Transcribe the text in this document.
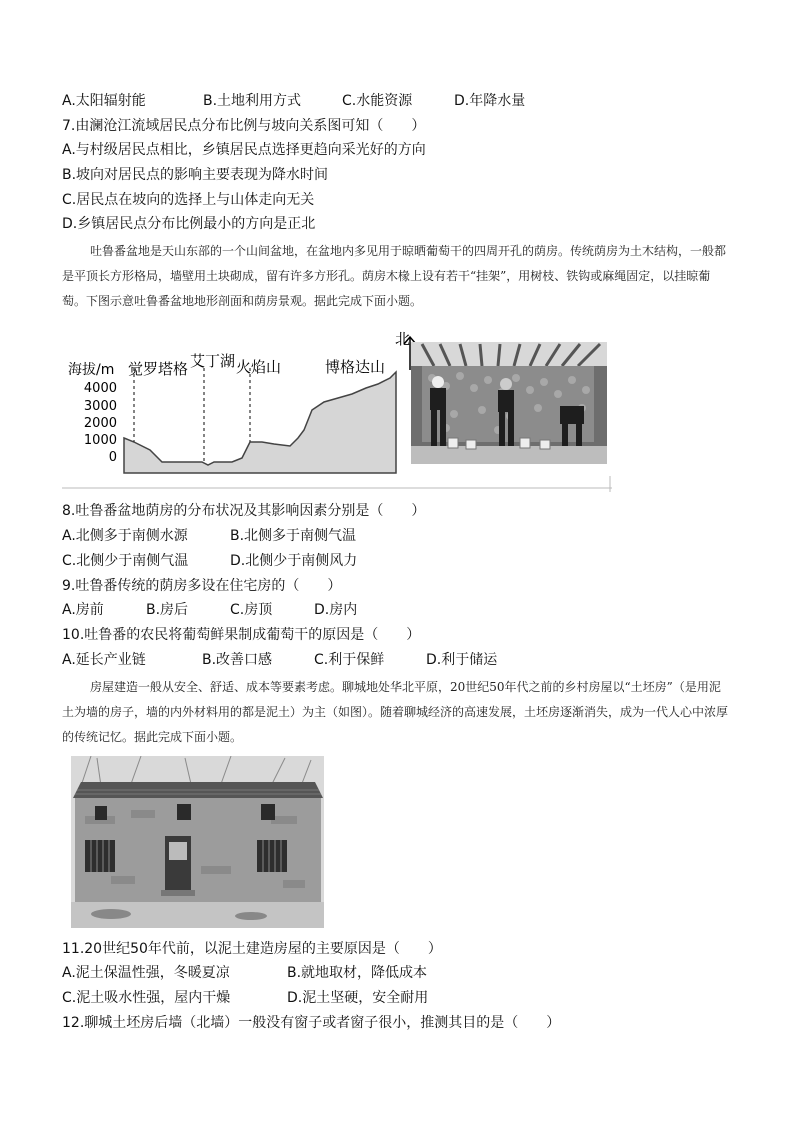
A.太阳辐射能	B.土地利用方式	C.水能资源	D.年降水量
7.由澜沧江流域居民点分布比例与坡向关系图可知（　　）
A.与村级居民点相比，乡镇居民点选择更趋向采光好的方向
B.坡向对居民点的影响主要表现为降水时间
C.居民点在坡向的选择上与山体走向无关
D.乡镇居民点分布比例最小的方向是正北
吐鲁番盆地是天山东部的一个山间盆地，在盆地内多见用于晾晒葡萄干的四周开孔的荫房。传统荫房为土木结构，一般都是平顶长方形格局，墙壁用土块砌成，留有许多方形孔。荫房木椽上设有若干“挂架”，用树枝、铁钩或麻绳固定，以挂晾葡萄。下图示意吐鲁番盆地地形剖面和荫房景观。据此完成下面小题。
北
海拔/m
4000
3000
2000
1000
0
觉罗塔格 艾丁湖 火焰山	博格达山
8.吐鲁番盆地荫房的分布状况及其影响因素分别是（　　）
A.北侧多于南侧水源	B.北侧多于南侧气温
C.北侧少于南侧气温	D.北侧少于南侧风力
9.吐鲁番传统的荫房多设在住宅房的（　　）
A.房前	B.房后	C.房顶	D.房内
10.吐鲁番的农民将葡萄鲜果制成葡萄干的原因是（　　）
A.延长产业链	B.改善口感	C.利于保鲜	D.利于储运
房屋建造一般从安全、舒适、成本等要素考虑。聊城地处华北平原，20世纪50年代之前的乡村房屋以“土坯房”（是用泥土为墙的房子，墙的内外材料用的都是泥土）为主（如图）。随着聊城经济的高速发展，土坯房逐渐消失，成为一代人心中浓厚的传统记忆。据此完成下面小题。
11.20世纪50年代前，以泥土建造房屋的主要原因是（　　）
A.泥土保温性强，冬暖夏凉	B.就地取材，降低成本
C.泥土吸水性强，屋内干燥	D.泥土坚硬，安全耐用
12.聊城土坯房后墙（北墙）一般没有窗子或者窗子很小，推测其目的是（　　）
